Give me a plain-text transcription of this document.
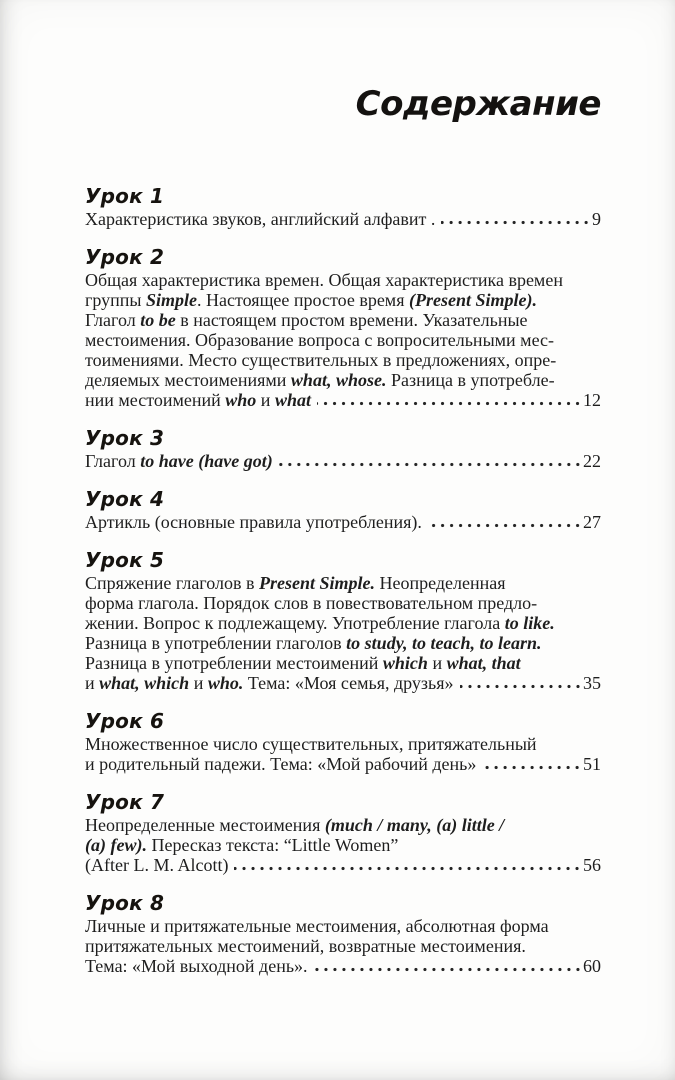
Содержание
Урок 1
Характеристика звуков, английский алфавит .	9
Урок 2
Общая характеристика времен. Общая характеристика времен
группы Simple. Настоящее простое время (Present Simple).
Глагол to be в настоящем простом времени. Указательные
местоимения. Образование вопроса с вопросительными мес-
тоимениями. Место существительных в предложениях, опре-
деляемых местоимениями what, whose. Разница в употребле-
нии местоимений who и what	12
Урок 3
Глагол to have (have got)	22
Урок 4
Артикль (основные правила употребления).	27
Урок 5
Спряжение глаголов в Present Simple. Неопределенная
форма глагола. Порядок слов в повествовательном предло-
жении. Вопрос к подлежащему. Употребление глагола to like.
Разница в употреблении глаголов to study, to teach, to learn.
Разница в употреблении местоимений which и what, that
и what, which и who. Тема: «Моя семья, друзья»	35
Урок 6
Множественное число существительных, притяжательный
и родительный падежи. Тема: «Мой рабочий день»	51
Урок 7
Неопределенные местоимения (much / many, (a) little /
(a) few). Пересказ текста: “Little Women”
(After L. M. Alcott)	56
Урок 8
Личные и притяжательные местоимения, абсолютная форма
притяжательных местоимений, возвратные местоимения.
Тема: «Мой выходной день».	60
